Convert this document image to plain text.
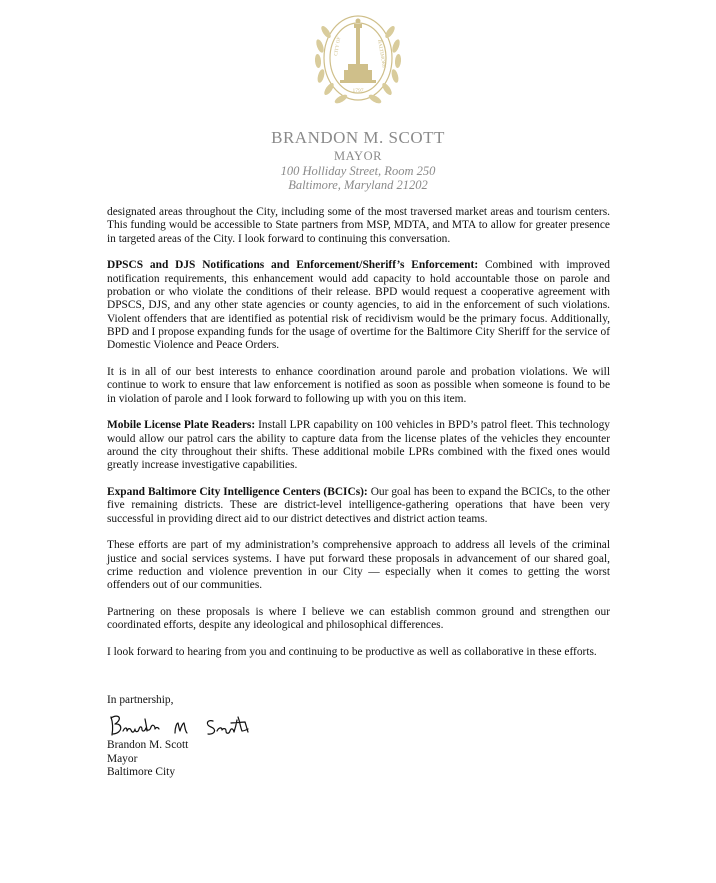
CITY OF	BALTIMORE
1797
BRANDON M. SCOTT
MAYOR
100 Holliday Street, Room 250
Baltimore, Maryland 21202

designated areas throughout the City, including some of the most traversed market areas and tourism centers. This funding would be accessible to State partners from MSP, MDTA, and MTA to allow for greater presence in targeted areas of the City. I look forward to continuing this conversation.

DPSCS and DJS Notifications and Enforcement/Sheriff’s Enforcement: Combined with improved notification requirements, this enhancement would add capacity to hold accountable those on parole and probation or who violate the conditions of their release. BPD would request a cooperative agreement with DPSCS, DJS, and any other state agencies or county agencies, to aid in the enforcement of such violations. Violent offenders that are identified as potential risk of recidivism would be the primary focus. Additionally, BPD and I propose expanding funds for the usage of overtime for the Baltimore City Sheriff for the service of Domestic Violence and Peace Orders.

It is in all of our best interests to enhance coordination around parole and probation violations. We will continue to work to ensure that law enforcement is notified as soon as possible when someone is found to be in violation of parole and I look forward to following up with you on this item.

Mobile License Plate Readers: Install LPR capability on 100 vehicles in BPD’s patrol fleet. This technology would allow our patrol cars the ability to capture data from the license plates of the vehicles they encounter around the city throughout their shifts. These additional mobile LPRs combined with the fixed ones would greatly increase investigative capabilities.

Expand Baltimore City Intelligence Centers (BCICs): Our goal has been to expand the BCICs, to the other five remaining districts. These are district-level intelligence-gathering operations that have been very successful in providing direct aid to our district detectives and district action teams.

These efforts are part of my administration’s comprehensive approach to address all levels of the criminal justice and social services systems. I have put forward these proposals in advancement of our shared goal, crime reduction and violence prevention in our City — especially when it comes to getting the worst offenders out of our communities.

Partnering on these proposals is where I believe we can establish common ground and strengthen our coordinated efforts, despite any ideological and philosophical differences.

I look forward to hearing from you and continuing to be productive as well as collaborative in these efforts.

In partnership,
Brandon M. Scott
Mayor
Baltimore City
